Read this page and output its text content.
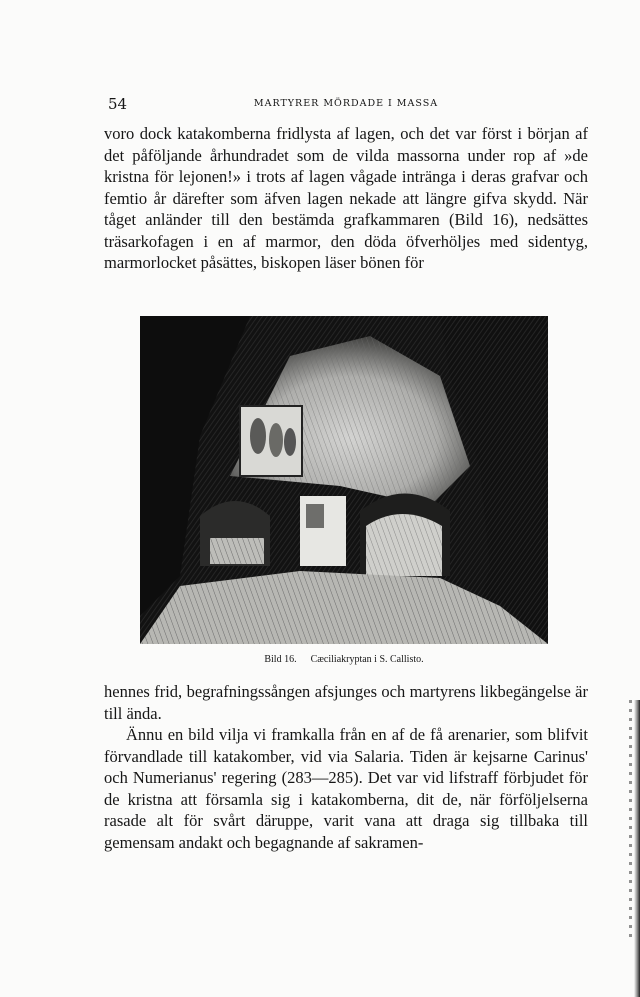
54	MARTYRER MÖRDADE I MASSA

voro dock katakomberna fridlysta af lagen, och det var först i början af det påföljande århundradet som de vilda massorna under rop af »de kristna för lejonen!» i trots af lagen vågade inträngа i deras grafvar och femtio år därefter som äfven lagen nekade att längre gifva skydd. När tåget anländer till den bestämda grafkammaren (Bild 16), nedsättes träsarkofagen i en af marmor, den döda öfverhöljes med sidentyg, marmorlocket påsättes, biskopen läser bönen för

Bild 16. Cæciliakryptan i S. Callisto.

hennes frid, begrafningssången afsjunges och martyrens likbegängelse är till ända.

Ännu en bild vilja vi framkalla från en af de få arenarier, som blifvit förvandlade till katakomber, vid via Salaria. Tiden är kejsarne Carinus' och Numerianus' regering (283—285). Det var vid lifstraff förbjudet för de kristna att församla sig i katakomberna, dit de, när förföljelserna rasade alt för svårt däruppe, varit vana att draga sig tillbaka till gemensam andakt och begagnande af sakramen-
